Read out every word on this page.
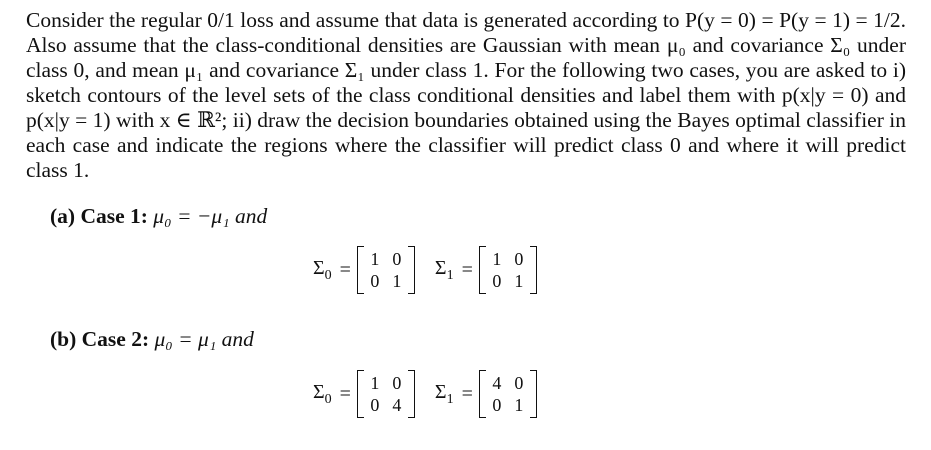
Consider the regular 0/1 loss and assume that data is generated according to P(y = 0) = P(y = 1) = 1/2. Also assume that the class-conditional densities are Gaussian with mean μ₀ and covariance Σ₀ under class 0, and mean μ₁ and covariance Σ₁ under class 1. For the following two cases, you are asked to i) sketch contours of the level sets of the class conditional densities and label them with p(x|y = 0) and p(x|y = 1) with x ∈ ℝ²; ii) draw the decision boundaries obtained using the Bayes optimal classifier in each case and indicate the regions where the classifier will predict class 0 and where it will predict class 1.

(a) Case 1: μ₀ = −μ₁ and

$\Sigma_0$ =	1 0
0 1
$\Sigma_1$ =	1 0
0 1

(b) Case 2: μ₀ = μ₁ and

$\Sigma_0$ =	1 0
0 4
$\Sigma_1$ =	4 0
0 1
